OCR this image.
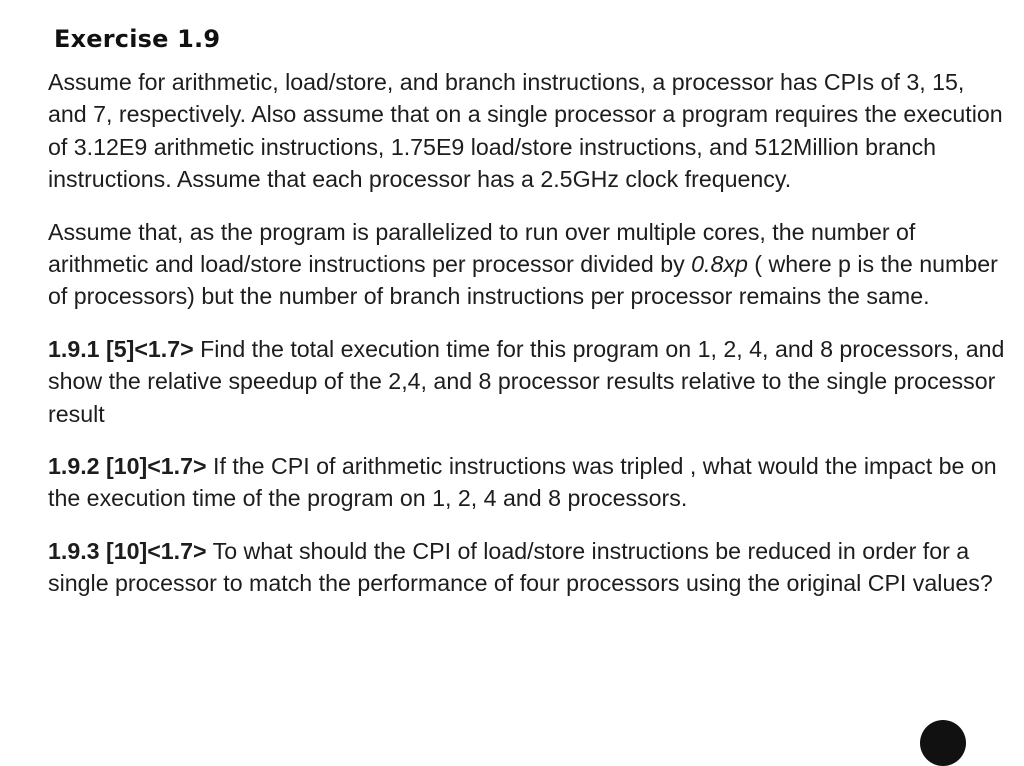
Exercise 1.9

Assume for arithmetic, load/store, and branch instructions, a processor has CPIs of 3, 15, and 7, respectively. Also assume that on a single processor a program requires the execution of 3.12E9 arithmetic instructions, 1.75E9 load/store instructions, and 512Million branch instructions. Assume that each processor has a 2.5GHz clock frequency.

Assume that, as the program is parallelized to run over multiple cores, the number of arithmetic and load/store instructions per processor divided by 0.8xp ( where p is the number of processors) but the number of branch instructions per processor remains the same.

1.9.1 [5]<1.7> Find the total execution time for this program on 1, 2, 4, and 8 processors, and show the relative speedup of the 2,4, and 8 processor results relative to the single processor result

1.9.2 [10]<1.7> If the CPI of arithmetic instructions was tripled , what would the impact be on the execution time of the program on 1, 2, 4 and 8 processors.

1.9.3 [10]<1.7> To what should the CPI of load/store instructions be reduced in order for a single processor to match the performance of four processors using the original CPI values?
